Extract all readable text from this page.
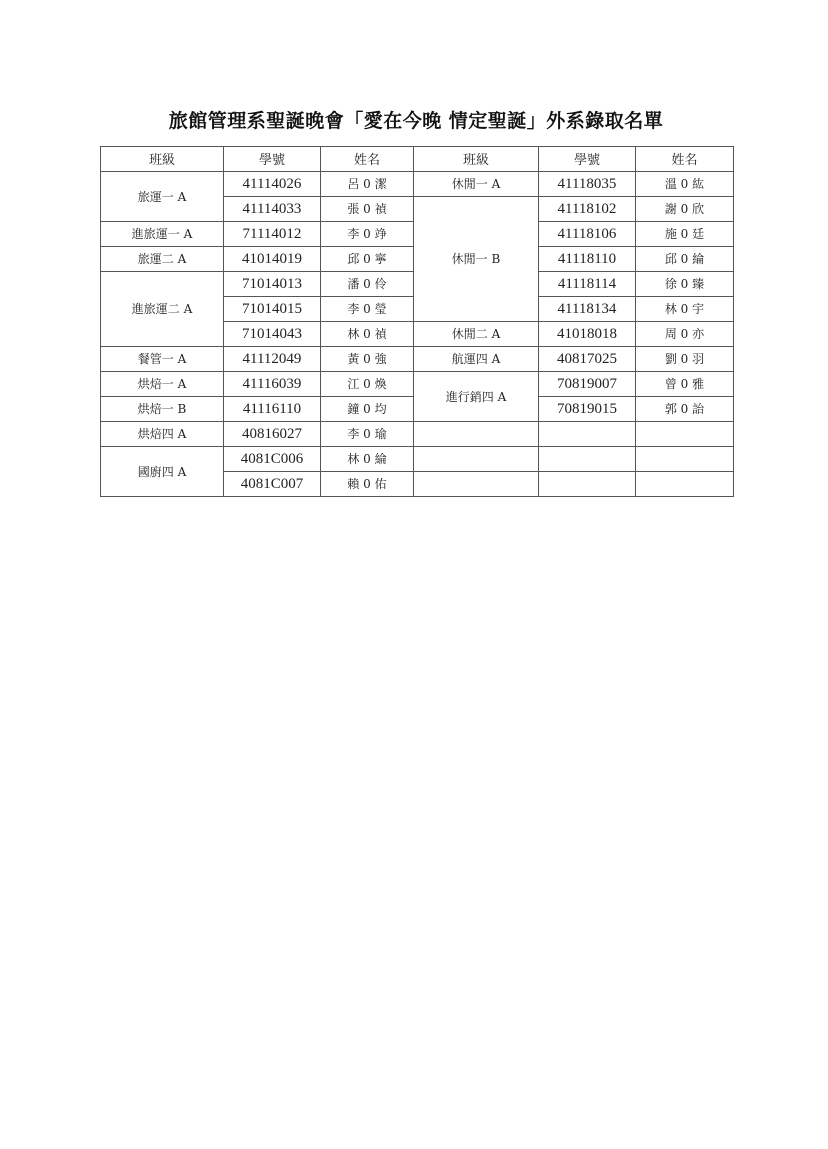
旅館管理系聖誕晚會「愛在今晚 情定聖誕」外系錄取名單
班級	學號	姓名	班級	學號	姓名
旅運一 A	41114026	呂 0 潔	休閒一 A	41118035	溫 0 紘
	41114033	張 0 禎	休閒一 B	41118102	謝 0 欣
進旅運一 A	71114012	李 0 竫		41118106	施 0 廷
旅運二 A	41014019	邱 0 寧		41118110	邱 0 綸
進旅運二 A	71014013	潘 0 伶		41118114	徐 0 臻
	71014015	李 0 瑩		41118134	林 0 宇
	71014043	林 0 禎	休閒二 A	41018018	周 0 亦
餐管一 A	41112049	黃 0 強	航運四 A	40817025	劉 0 羽
烘焙一 A	41116039	江 0 煥	進行銷四 A	70819007	曾 0 雅
烘焙一 B	41116110	鐘 0 均		70819015	郭 0 詒
烘焙四 A	40816027	李 0 瑜			
國廚四 A	4081C006	林 0 綸			
	4081C007	賴 0 佑			
